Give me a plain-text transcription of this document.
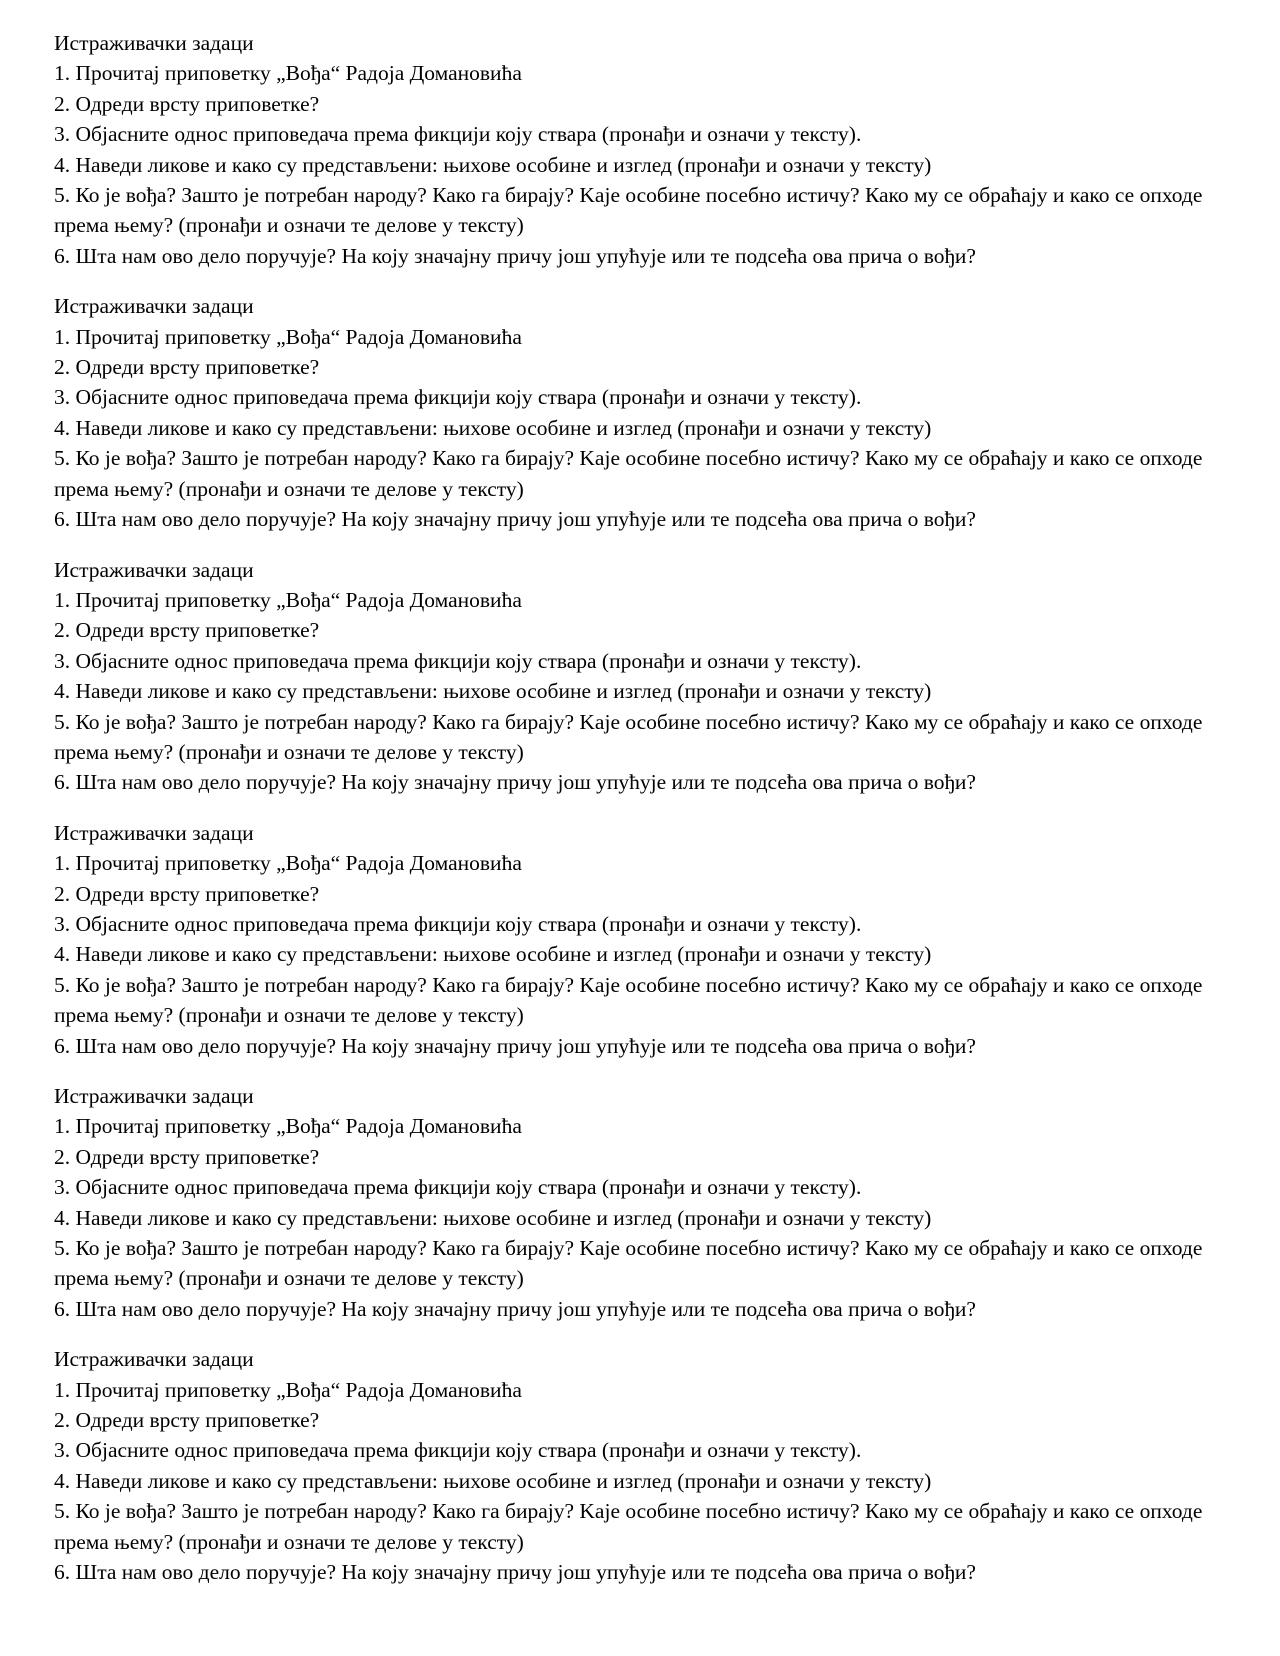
Истраживачки задаци
1. Прочитај приповетку „Вођа“ Радоја Домановића
2. Одреди врсту приповетке?
3. Објасните однос приповедача према фикцији коју ствара (пронађи и означи у тексту).
4. Наведи ликове и како су представљени: њихове особине и изглед (пронађи и означи у тексту)
5. Ко је вођа? Зашто је потребан народу? Како га бирају? Kаје особине посебно истичу? Како му се обраћају и како се опходе према њему? (пронађи и означи те делове у тексту)
6. Шта нам ово дело поручује? На коју значајну причу још упућује или те подсећа ова прича о вођи?
Истраживачки задаци
1. Прочитај приповетку „Вођа“ Радоја Домановића
2. Одреди врсту приповетке?
3. Објасните однос приповедача према фикцији коју ствара (пронађи и означи у тексту).
4. Наведи ликове и како су представљени: њихове особине и изглед (пронађи и означи у тексту)
5. Ко је вођа? Зашто је потребан народу? Како га бирају? Kаје особине посебно истичу? Како му се обраћају и како се опходе према њему? (пронађи и означи те делове у тексту)
6. Шта нам ово дело поручује? На коју значајну причу још упућује или те подсећа ова прича о вођи?
Истраживачки задаци
1. Прочитај приповетку „Вођа“ Радоја Домановића
2. Одреди врсту приповетке?
3. Објасните однос приповедача према фикцији коју ствара (пронађи и означи у тексту).
4. Наведи ликове и како су представљени: њихове особине и изглед (пронађи и означи у тексту)
5. Ко је вођа? Зашто је потребан народу? Како га бирају? Kаје особине посебно истичу? Како му се обраћају и како се опходе према њему? (пронађи и означи те делове у тексту)
6. Шта нам ово дело поручује? На коју значајну причу још упућује или те подсећа ова прича о вођи?
Истраживачки задаци
1. Прочитај приповетку „Вођа“ Радоја Домановића
2. Одреди врсту приповетке?
3. Објасните однос приповедача према фикцији коју ствара (пронађи и означи у тексту).
4. Наведи ликове и како су представљени: њихове особине и изглед (пронађи и означи у тексту)
5. Ко је вођа? Зашто је потребан народу? Како га бирају? Kаје особине посебно истичу? Како му се обраћају и како се опходе према њему? (пронађи и означи те делове у тексту)
6. Шта нам ово дело поручује? На коју значајну причу још упућује или те подсећа ова прича о вођи?
Истраживачки задаци
1. Прочитај приповетку „Вођа“ Радоја Домановића
2. Одреди врсту приповетке?
3. Објасните однос приповедача према фикцији коју ствара (пронађи и означи у тексту).
4. Наведи ликове и како су представљени: њихове особине и изглед (пронађи и означи у тексту)
5. Ко је вођа? Зашто је потребан народу? Како га бирају? Kаје особине посебно истичу? Како му се обраћају и како се опходе према њему? (пронађи и означи те делове у тексту)
6. Шта нам ово дело поручује? На коју значајну причу још упућује или те подсећа ова прича о вођи?
Истраживачки задаци
1. Прочитај приповетку „Вођа“ Радоја Домановића
2. Одреди врсту приповетке?
3. Објасните однос приповедача према фикцији коју ствара (пронађи и означи у тексту).
4. Наведи ликове и како су представљени: њихове особине и изглед (пронађи и означи у тексту)
5. Ко је вођа? Зашто је потребан народу? Како га бирају? Kаје особине посебно истичу? Како му се обраћају и како се опходе према њему? (пронађи и означи те делове у тексту)
6. Шта нам ово дело поручује? На коју значајну причу још упућује или те подсећа ова прича о вођи?
